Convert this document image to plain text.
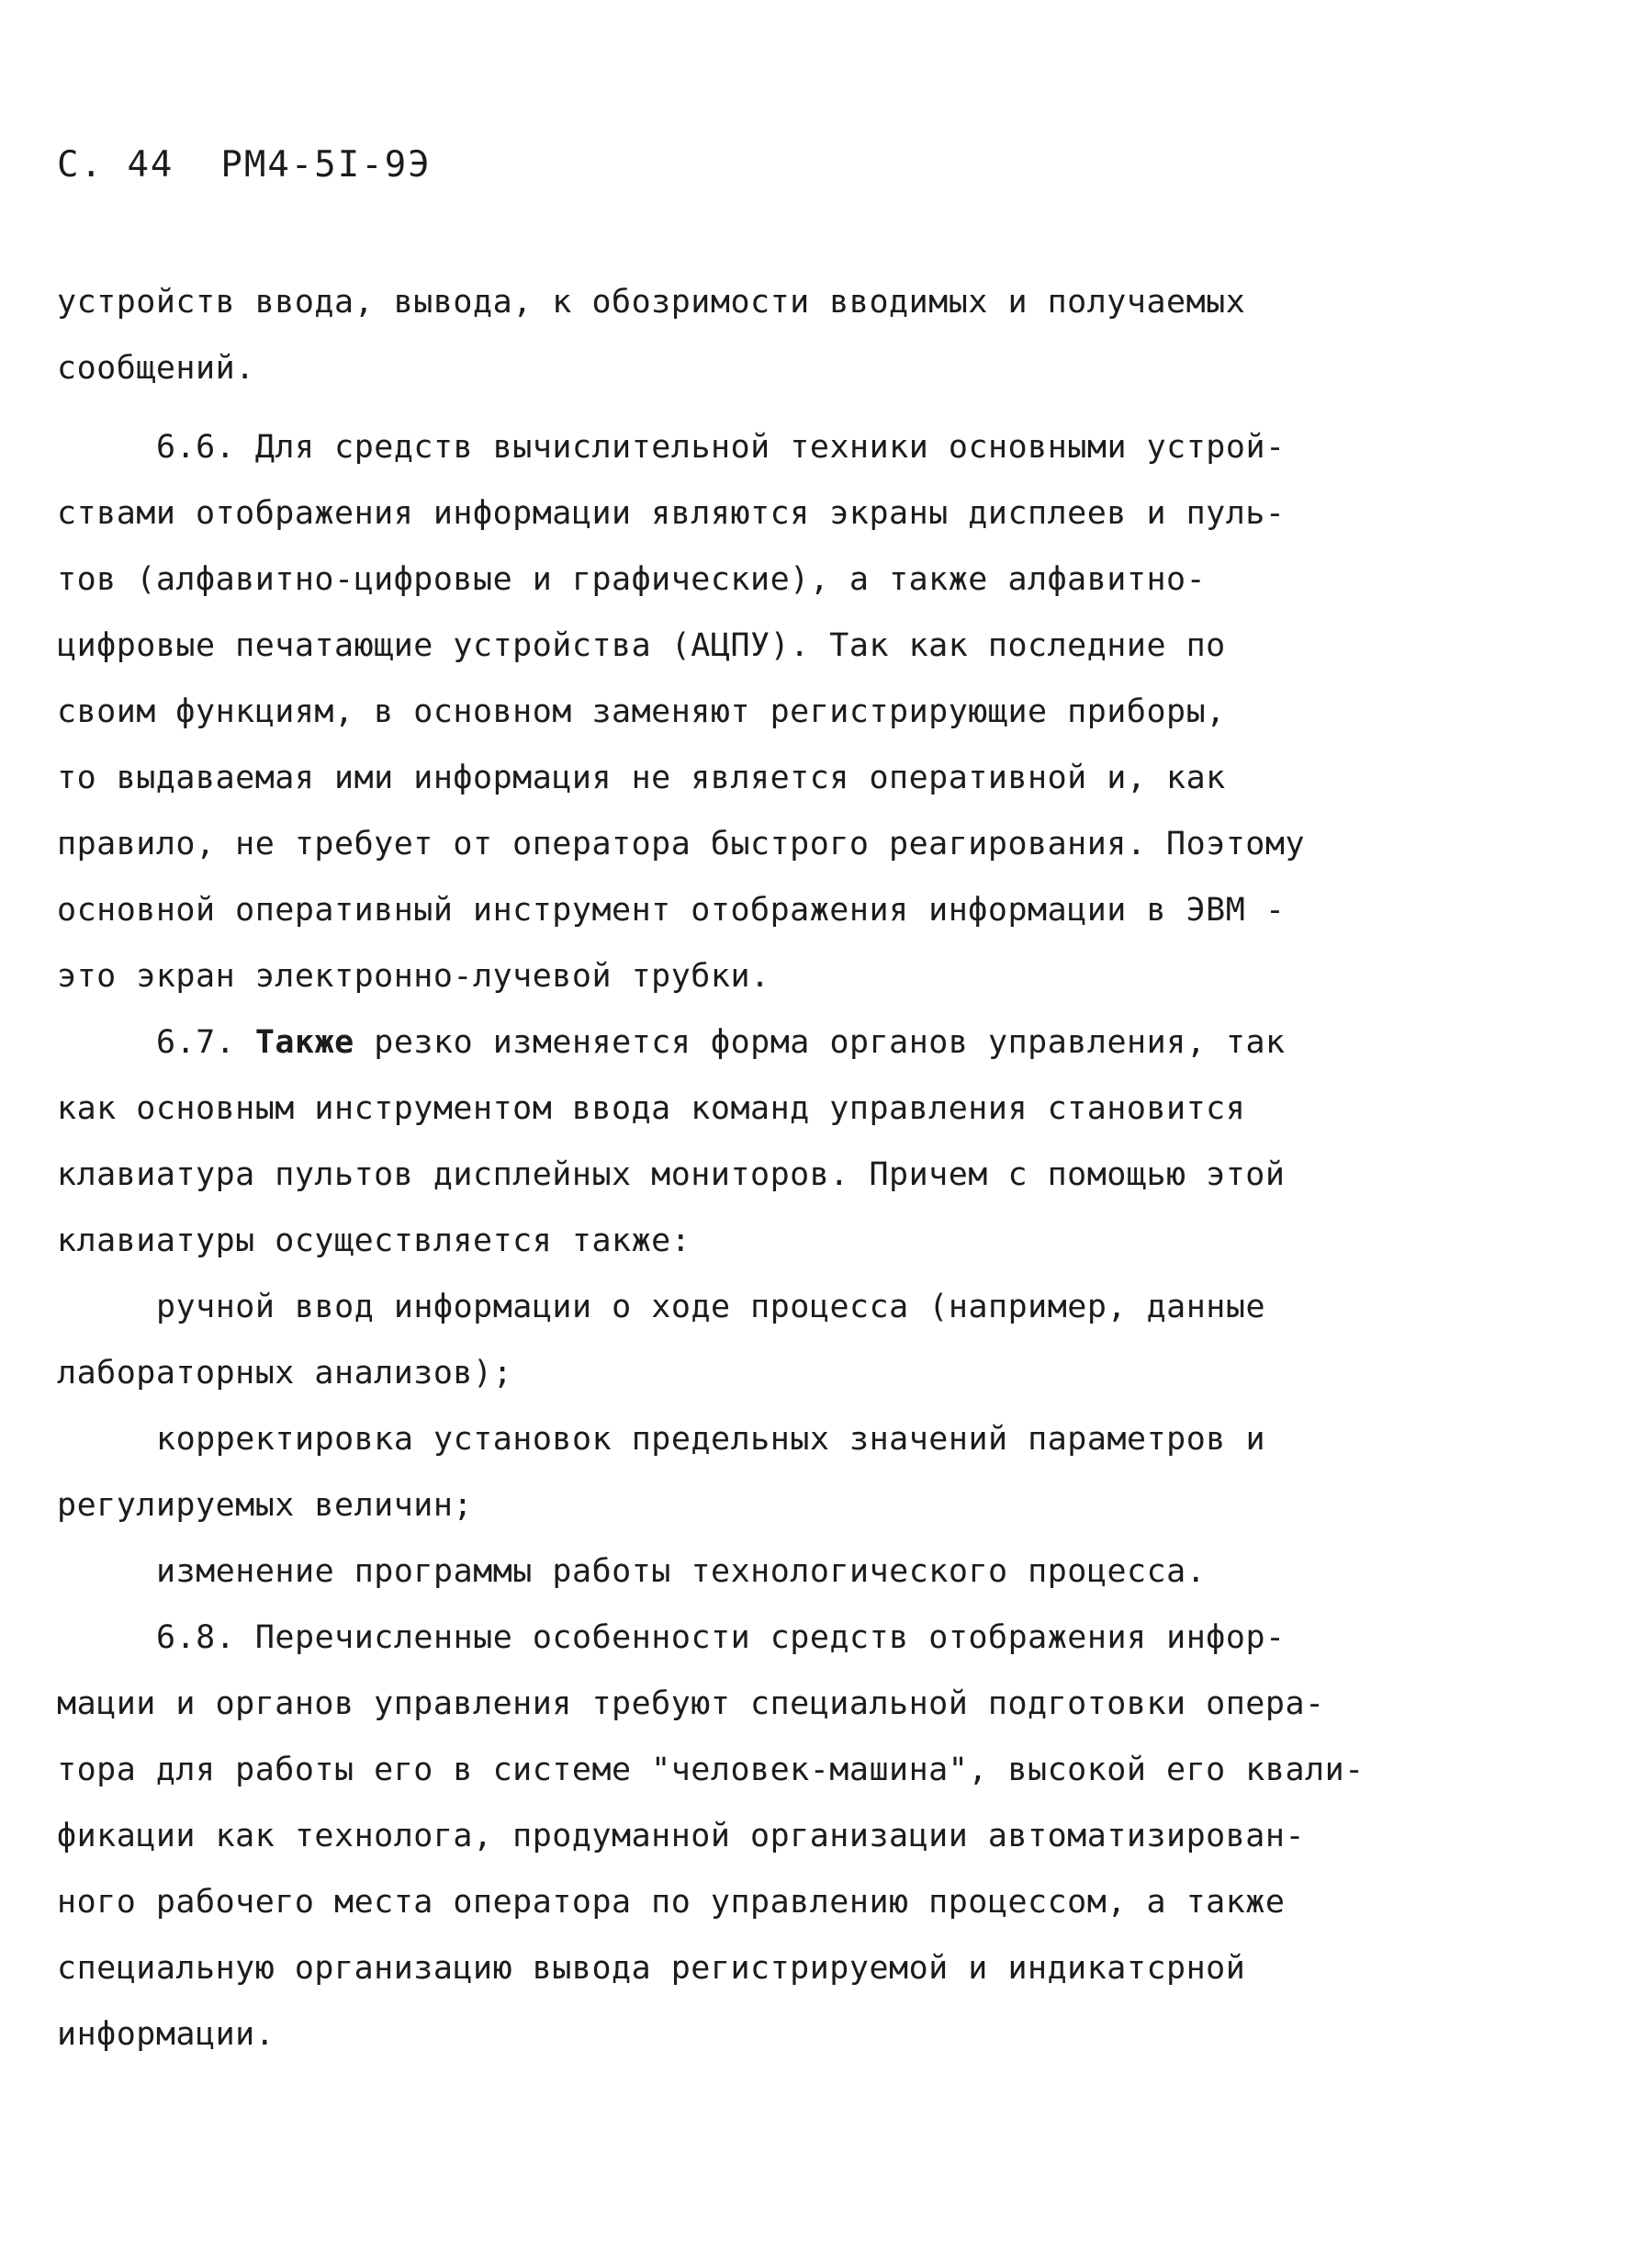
С. 44  РМ4-5I-9Э
устройств ввода, вывода, к обозримости вводимых и получаемых
сообщений.
6.6. Для средств вычислительной техники основными устрой-
ствами отображения информации являются экраны дисплеев и пуль-
тов (алфавитно-цифровые и графические), а также алфавитно-
цифровые печатающие устройства (АЦПУ). Так как последние по
своим функциям, в основном заменяют регистрирующие приборы,
то выдаваемая ими информация не является оперативной и, как
правило, не требует от оператора быстрого реагирования. Поэтому
основной оперативный инструмент отображения информации в ЭВМ -
это экран электронно-лучевой трубки.
6.7. Также резко изменяется форма органов управления, так
как основным инструментом ввода команд управления становится
клавиатура пультов дисплейных мониторов. Причем с помощью этой
клавиатуры осуществляется также:
ручной ввод информации о ходе процесса (например, данные
лабораторных анализов);
корректировка установок предельных значений параметров и
регулируемых величин;
изменение программы работы технологического процесса.
6.8. Перечисленные особенности средств отображения инфор-
мации и органов управления требуют специальной подготовки опера-
тора для работы его в системе "человек-машина", высокой его квали-
фикации как технолога, продуманной организации автоматизирован-
ного рабочего места оператора по управлению процессом, а также
специальную организацию вывода регистрируемой и индикатсрной
информации.
